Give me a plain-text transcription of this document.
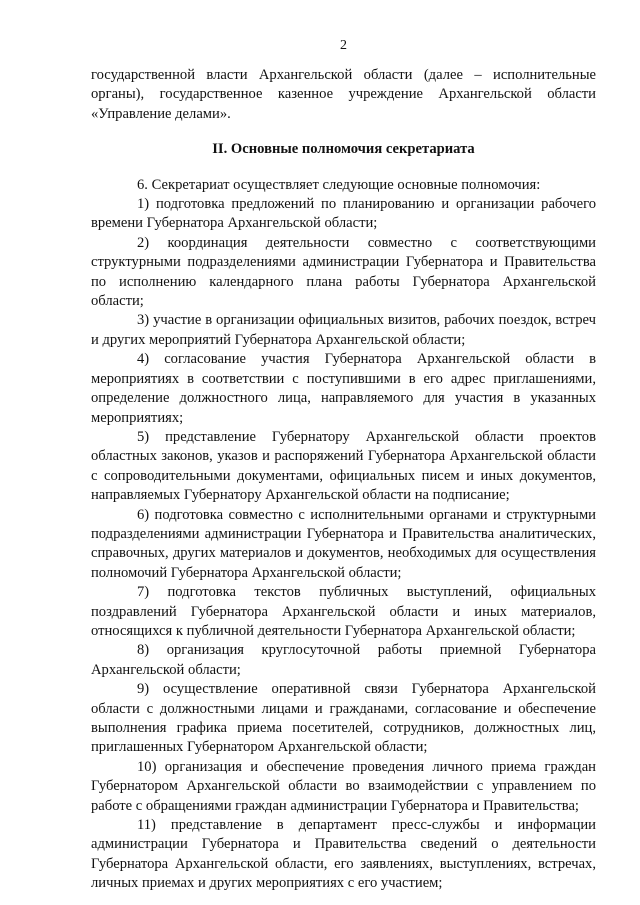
2

государственной власти Архангельской области (далее – исполнительные органы), государственное казенное учреждение Архангельской области «Управление делами».

II. Основные полномочия секретариата

6. Секретариат осуществляет следующие основные полномочия:

1) подготовка предложений по планированию и организации рабочего времени Губернатора Архангельской области;

2) координация деятельности совместно с соответствующими структурными подразделениями администрации Губернатора и Правительства по исполнению календарного плана работы Губернатора Архангельской области;

3) участие в организации официальных визитов, рабочих поездок, встреч и других мероприятий Губернатора Архангельской области;

4) согласование участия Губернатора Архангельской области в мероприятиях в соответствии с поступившими в его адрес приглашениями, определение должностного лица, направляемого для участия в указанных мероприятиях;

5) представление Губернатору Архангельской области проектов областных законов, указов и распоряжений Губернатора Архангельской области с сопроводительными документами, официальных писем и иных документов, направляемых Губернатору Архангельской области на подписание;

6) подготовка совместно с исполнительными органами и структурными подразделениями администрации Губернатора и Правительства аналитических, справочных, других материалов и документов, необходимых для осуществления полномочий Губернатора Архангельской области;

7) подготовка текстов публичных выступлений, официальных поздравлений Губернатора Архангельской области и иных материалов, относящихся к публичной деятельности Губернатора Архангельской области;

8) организация круглосуточной работы приемной Губернатора Архангельской области;

9) осуществление оперативной связи Губернатора Архангельской области с должностными лицами и гражданами, согласование и обеспечение выполнения графика приема посетителей, сотрудников, должностных лиц, приглашенных Губернатором Архангельской области;

10) организация и обеспечение проведения личного приема граждан Губернатором Архангельской области во взаимодействии с управлением по работе с обращениями граждан администрации Губернатора и Правительства;

11) представление в департамент пресс-службы и информации администрации Губернатора и Правительства сведений о деятельности Губернатора Архангельской области, его заявлениях, выступлениях, встречах, личных приемах и других мероприятиях с его участием;
